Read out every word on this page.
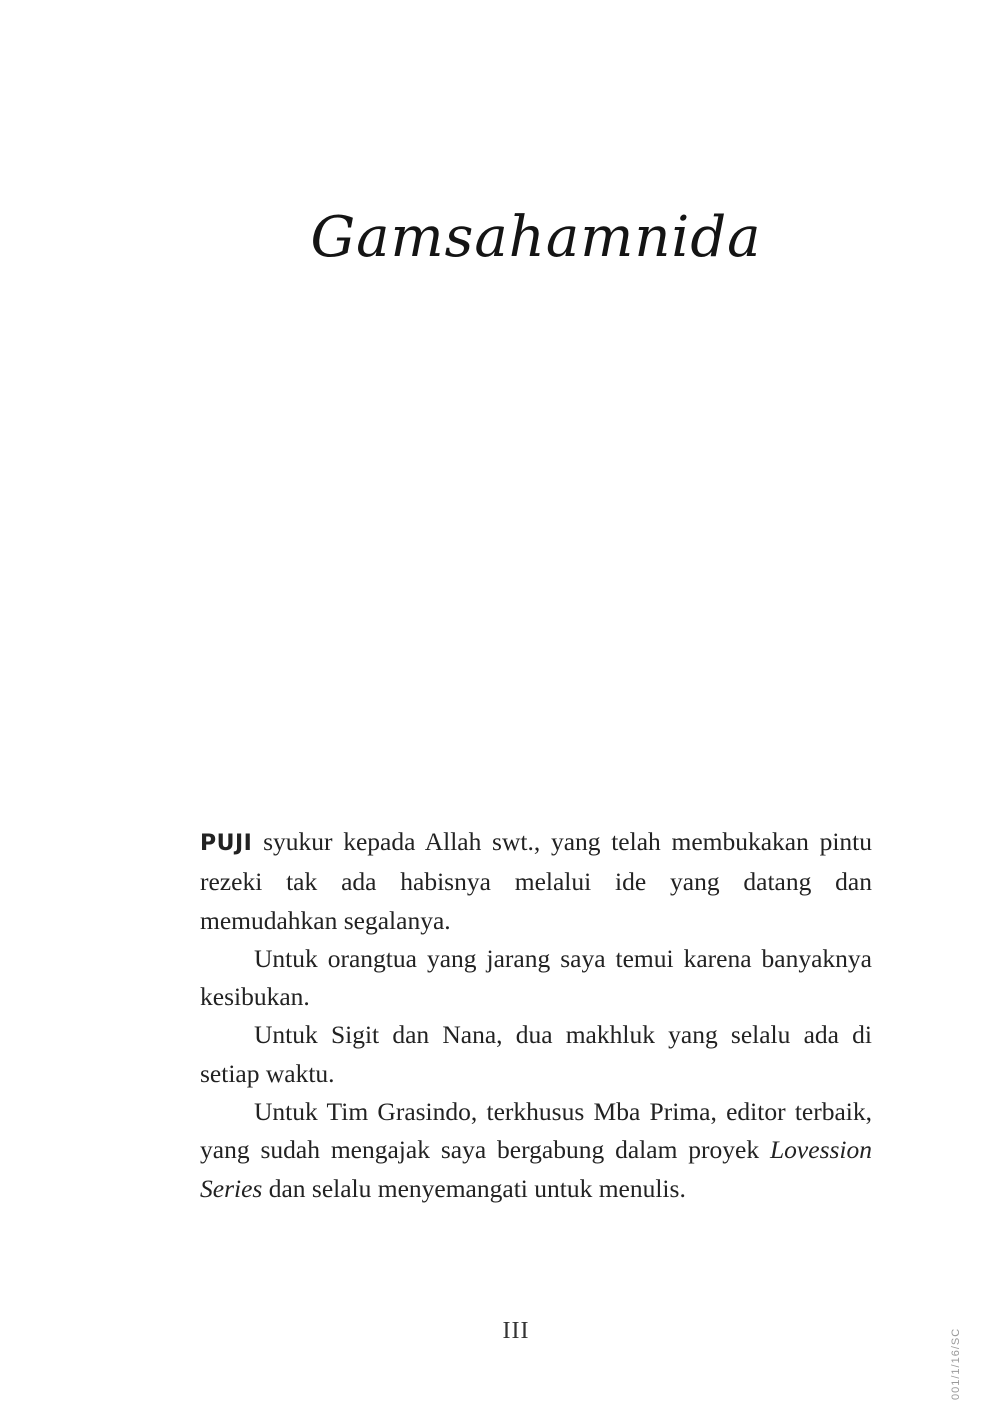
Gamsahamnida

PUJI syukur kepada Allah swt., yang telah membukakan pintu rezeki tak ada habisnya melalui ide yang datang dan memudahkan segalanya.

Untuk orangtua yang jarang saya temui karena banyaknya kesibukan.

Untuk Sigit dan Nana, dua makhluk yang selalu ada di setiap waktu.

Untuk Tim Grasindo, terkhusus Mba Prima, editor terbaik, yang sudah mengajak saya bergabung dalam proyek Lovession Series dan selalu menyemangati untuk menulis.

III	001/1/16/SC
